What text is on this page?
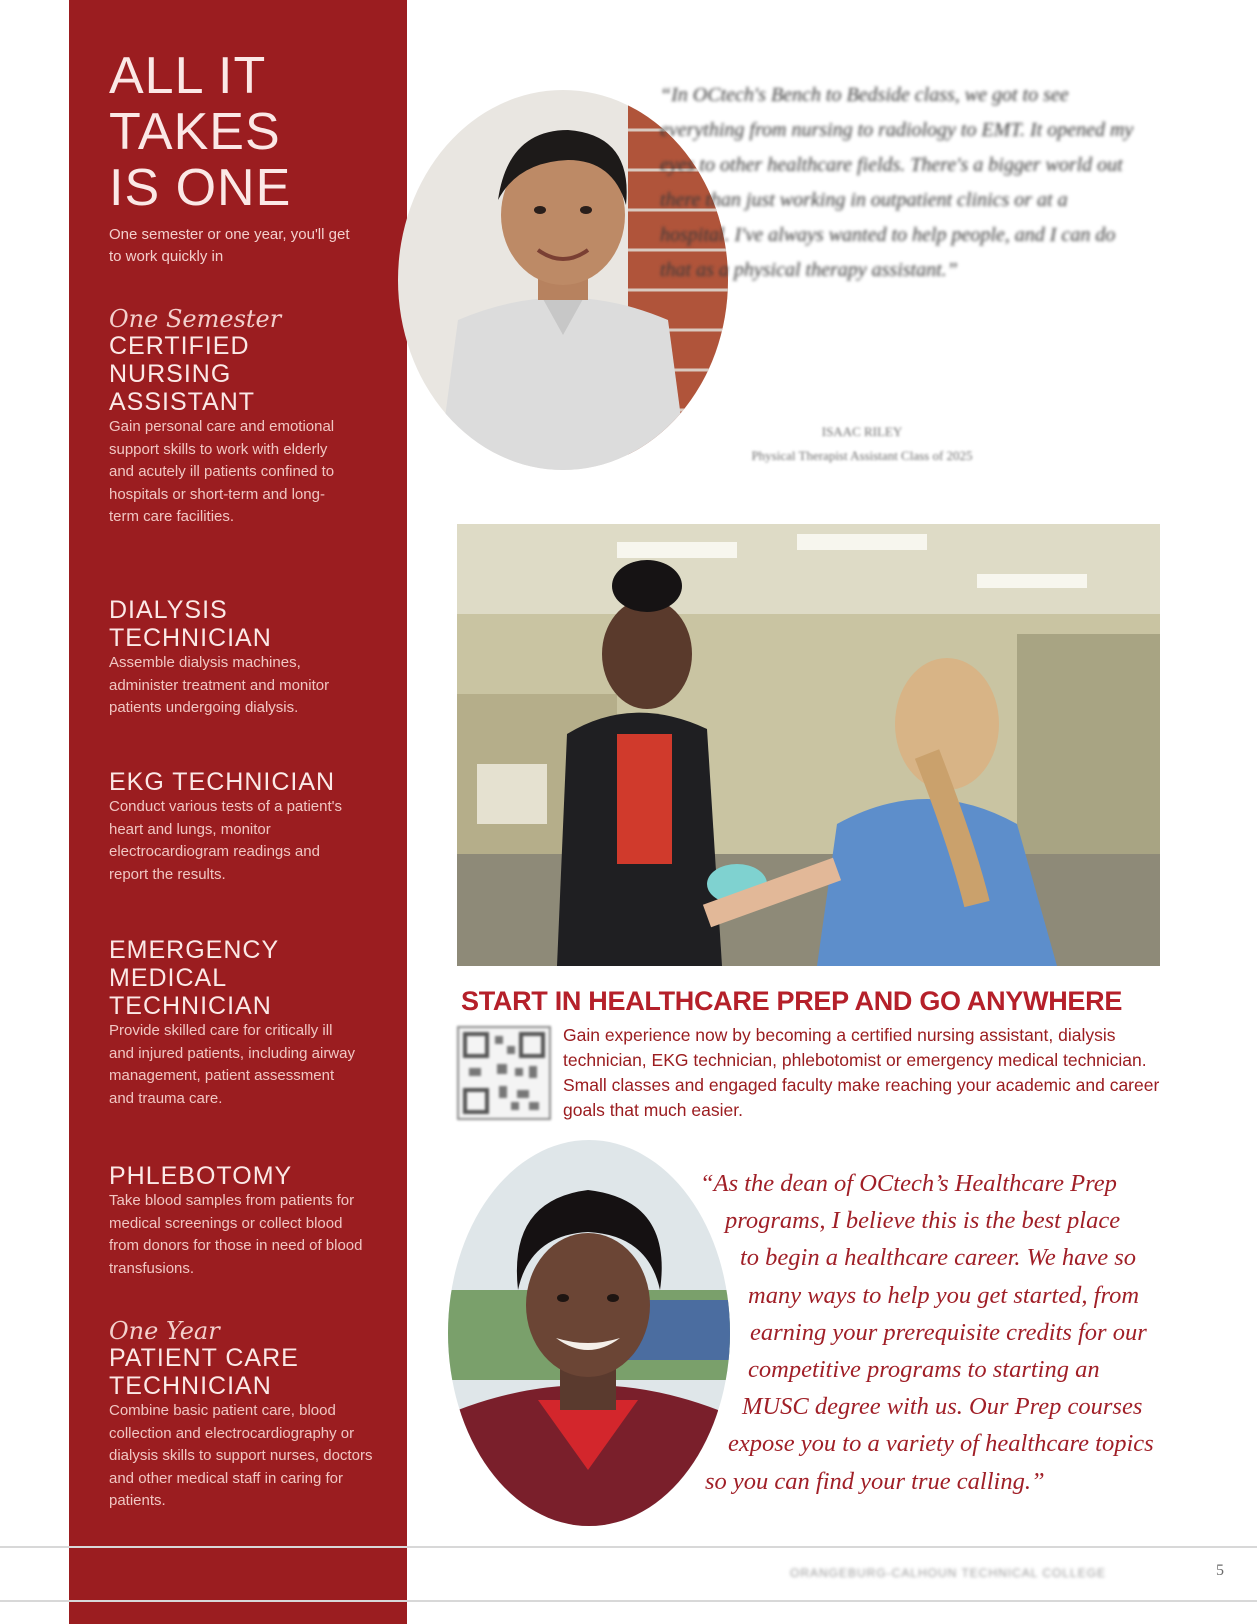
ALL IT
TAKES
IS ONE

One semester or one year, you'll get to work quickly in

One Semester

CERTIFIED NURSING ASSISTANT

Gain personal care and emotional support skills to work with elderly and acutely ill patients confined to hospitals or short-term and long-term care facilities.

DIALYSIS TECHNICIAN

Assemble dialysis machines, administer treatment and monitor patients undergoing dialysis.

EKG TECHNICIAN

Conduct various tests of a patient's heart and lungs, monitor electrocardiogram readings and report the results.

EMERGENCY MEDICAL TECHNICIAN

Provide skilled care for critically ill and injured patients, including airway management, patient assessment and trauma care.

PHLEBOTOMY

Take blood samples from patients for medical screenings or collect blood from donors for those in need of blood transfusions.

One Year

PATIENT CARE TECHNICIAN

Combine basic patient care, blood collection and electrocardiography or dialysis skills to support nurses, doctors and other medical staff in caring for patients.

“In OCtech's Bench to Bedside class, we got to see everything from nursing to radiology to EMT. It opened my eyes to other healthcare fields. There's a bigger world out there than just working in outpatient clinics or at a hospital. I've always wanted to help people, and I can do that as a physical therapy assistant.”

ISAAC RILEY
Physical Therapist Assistant Class of 2025
START IN HEALTHCARE PREP AND GO ANYWHERE

Gain experience now by becoming a certified nursing assistant, dialysis technician, EKG technician, phlebotomist or emergency medical technician. Small classes and engaged faculty make reaching your academic and career goals that much easier.

“As the dean of OCtech’s Healthcare Prep
programs, I believe this is the best place
to begin a healthcare career. We have so
many ways to help you get started, from
earning your prerequisite credits for our
competitive programs to starting an
MUSC degree with us. Our Prep courses
expose you to a variety of healthcare topics
so you can find your true calling.”
ORANGEBURG-CALHOUN TECHNICAL COLLEGE	5
